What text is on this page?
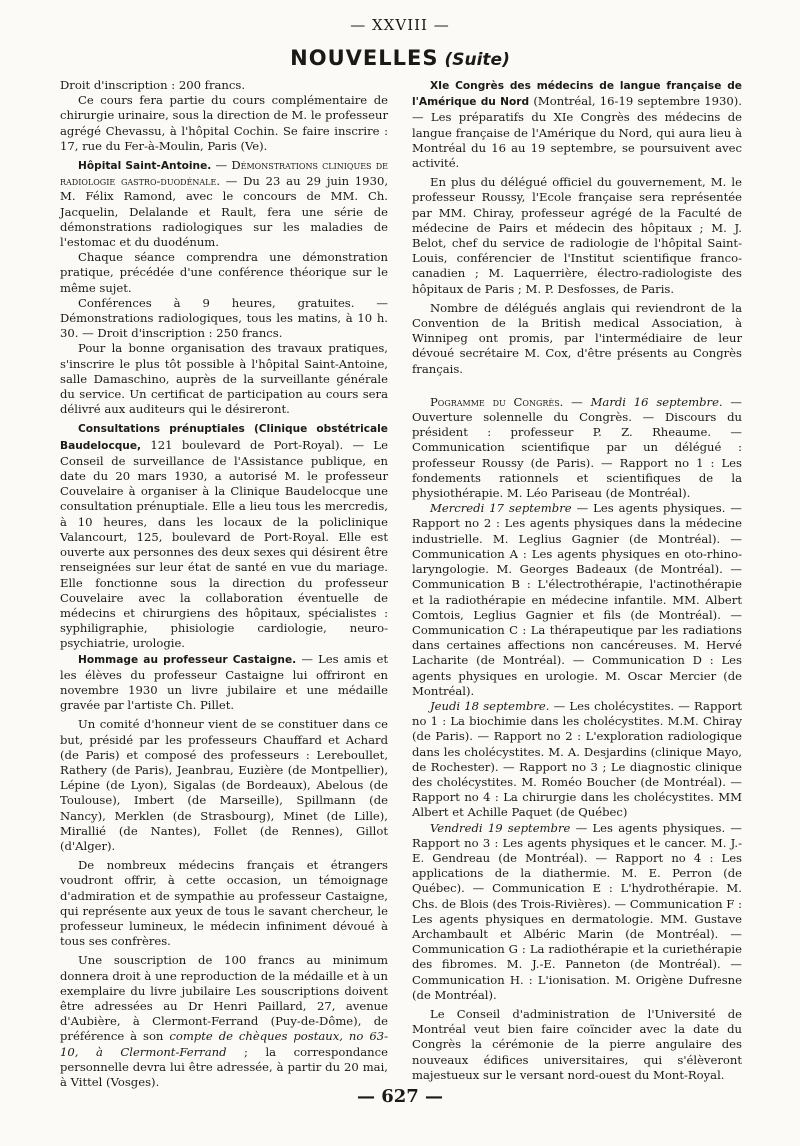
— XXVIII —
NOUVELLES (Suite)

Droit d'inscription : 200 francs.

Ce cours fera partie du cours complémentaire de chirurgie urinaire, sous la direction de M. le professeur agrégé Chevassu, à l'hôpital Cochin. Se faire inscrire : 17, rue du Fer-à-Moulin, Paris (Ve).

Hôpital Saint-Antoine. — Démonstrations cliniques de radiologie gastro-duodénale. — Du 23 au 29 juin 1930, M. Félix Ramond, avec le concours de MM. Ch. Jacquelin, Delalande et Rault, fera une série de démonstrations radiologiques sur les maladies de l'estomac et du duodénum.

Chaque séance comprendra une démonstration pratique, précédée d'une conférence théorique sur le même sujet.

Conférences à 9 heures, gratuites. — Démonstrations radiologiques, tous les matins, à 10 h. 30. — Droit d'inscription : 250 francs.

Pour la bonne organisation des travaux pratiques, s'inscrire le plus tôt possible à l'hôpital Saint-Antoine, salle Damaschino, auprès de la surveillante générale du service. Un certificat de participation au cours sera délivré aux auditeurs qui le désireront.

Consultations prénuptiales (Clinique obstétricale Baudelocque, 121 boulevard de Port-Royal). — Le Conseil de surveillance de l'Assistance publique, en date du 20 mars 1930, a autorisé M. le professeur Couvelaire à organiser à la Clinique Baudelocque une consultation prénuptiale. Elle a lieu tous les mercredis, à 10 heures, dans les locaux de la policlinique Valancourt, 125, boulevard de Port-Royal. Elle est ouverte aux personnes des deux sexes qui désirent être renseignées sur leur état de santé en vue du mariage. Elle fonctionne sous la direction du professeur Couvelaire avec la collaboration éventuelle de médecins et chirurgiens des hôpitaux, spécialistes : syphiligraphie, phisiologie cardiologie, neuro-psychiatrie, urologie.

Hommage au professeur Castaigne. — Les amis et les élèves du professeur Castaigne lui offriront en novembre 1930 un livre jubilaire et une médaille gravée par l'artiste Ch. Pillet.

Un comité d'honneur vient de se constituer dans ce but, présidé par les professeurs Chauffard et Achard (de Paris) et composé des professeurs : Lereboullet, Rathery (de Paris), Jeanbrau, Euzière (de Montpellier), Lépine (de Lyon), Sigalas (de Bordeaux), Abelous (de Toulouse), Imbert (de Marseille), Spillmann (de Nancy), Merklen (de Strasbourg), Minet (de Lille), Mirallié (de Nantes), Follet (de Rennes), Gillot (d'Alger).

De nombreux médecins français et étrangers voudront offrir, à cette occasion, un témoignage d'admiration et de sympathie au professeur Castaigne, qui représente aux yeux de tous le savant chercheur, le professeur lumineux, le médecin infiniment dévoué à tous ses confrères.

Une souscription de 100 francs au minimum donnera droit à une reproduction de la médaille et à un exemplaire du livre jubilaire Les souscriptions doivent être adressées au Dr Henri Paillard, 27, avenue d'Aubière, à Clermont-Ferrand (Puy-de-Dôme), de préférence à son compte de chèques postaux, no 63-10, à Clermont-Ferrand ; la correspondance personnelle devra lui être adressée, à partir du 20 mai, à Vittel (Vosges).

XIe Congrès des médecins de langue française de l'Amérique du Nord (Montréal, 16-19 septembre 1930). — Les préparatifs du XIe Congrès des médecins de langue française de l'Amérique du Nord, qui aura lieu à Montréal du 16 au 19 septembre, se poursuivent avec activité.

En plus du délégué officiel du gouvernement, M. le professeur Roussy, l'Ecole française sera représentée par MM. Chiray, professeur agrégé de la Faculté de médecine de Pairs et médecin des hôpitaux ; M. J. Belot, chef du service de radiologie de l'hôpital Saint-Louis, conférencier de l'Institut scientifique franco-canadien ; M. Laquerrière, électro-radiologiste des hôpitaux de Paris ; M. P. Desfosses, de Paris.

Nombre de délégués anglais qui reviendront de la Convention de la British medical Association, à Winnipeg ont promis, par l'intermédiaire de leur dévoué secrétaire M. Cox, d'être présents au Congrès français.

Pogramme du Congrès. — Mardi 16 septembre. — Ouverture solennelle du Congrès. — Discours du président : professeur P. Z. Rheaume. — Communication scientifique par un délégué : professeur Roussy (de Paris). — Rapport no 1 : Les fondements rationnels et scientifiques de la physiothérapie. M. Léo Pariseau (de Montréal).

Mercredi 17 septembre — Les agents physiques. — Rapport no 2 : Les agents physiques dans la médecine industrielle. M. Leglius Gagnier (de Montréal). — Communication A : Les agents physiques en oto-rhino-laryngologie. M. Georges Badeaux (de Montréal). — Communication B : L'électrothérapie, l'actinothérapie et la radiothérapie en médecine infantile. MM. Albert Comtois, Leglius Gagnier et fils (de Montréal). — Communication C : La thérapeutique par les radiations dans certaines affections non cancéreuses. M. Hervé Lacharite (de Montréal). — Communication D : Les agents physiques en urologie. M. Oscar Mercier (de Montréal).

Jeudi 18 septembre. — Les cholécystites. — Rapport no 1 : La biochimie dans les cholécystites. M.M. Chiray (de Paris). — Rapport no 2 : L'exploration radiologique dans les cholécystites. M. A. Desjardins (clinique Mayo, de Rochester). — Rapport no 3 ; Le diagnostic clinique des cholécystites. M. Roméo Boucher (de Montréal). — Rapport no 4 : La chirurgie dans les cholécystites. MM Albert et Achille Paquet (de Québec)

Vendredi 19 septembre — Les agents physiques. — Rapport no 3 : Les agents physiques et le cancer. M. J.-E. Gendreau (de Montréal). — Rapport no 4 : Les applications de la diathermie. M. E. Perron (de Québec). — Communication E : L'hydrothérapie. M. Chs. de Blois (des Trois-Rivières). — Communication F : Les agents physiques en dermatologie. MM. Gustave Archambault et Albéric Marin (de Montréal). — Communication G : La radiothérapie et la curiethérapie des fibromes. M. J.-E. Panneton (de Montréal). — Communication H. : L'ionisation. M. Origène Dufresne (de Montréal).

Le Conseil d'administration de l'Université de Montréal veut bien faire coïncider avec la date du Congrès la cérémonie de la pierre angulaire des nouveaux édifices universitaires, qui s'élèveront majestueux sur le versant nord-ouest du Mont-Royal.

— 627 —
